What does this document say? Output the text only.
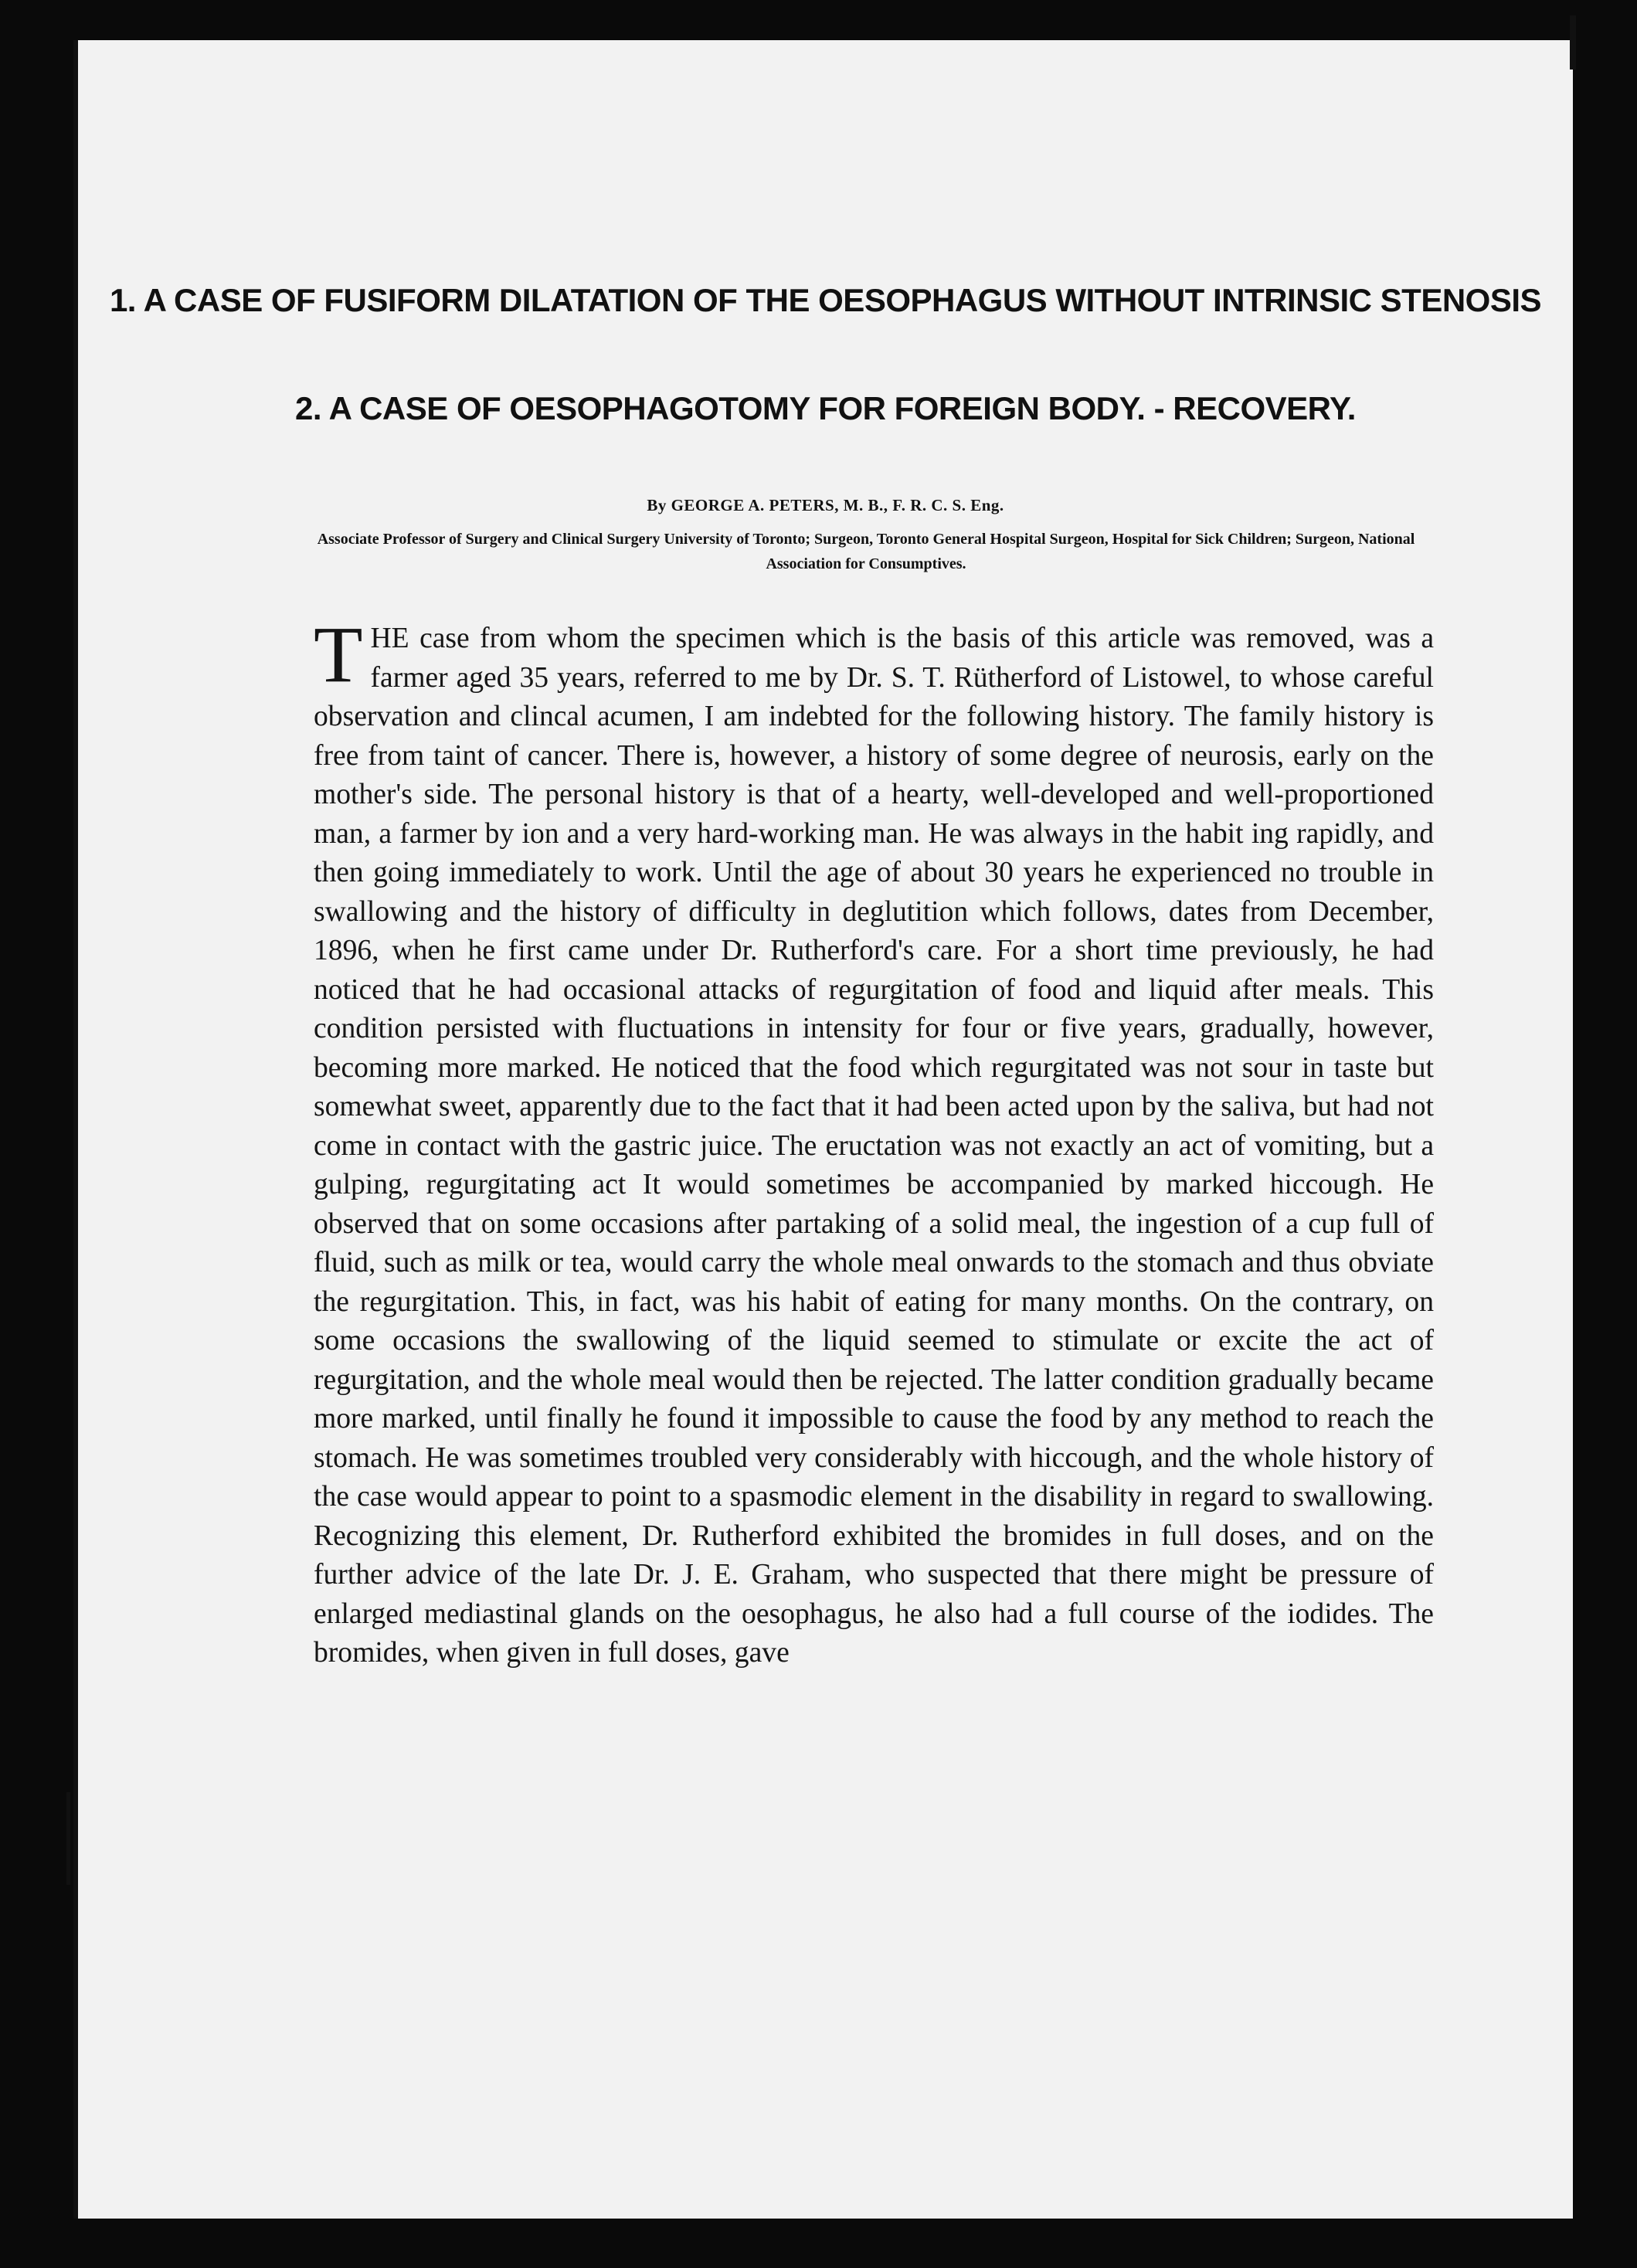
1. A CASE OF FUSIFORM DILATATION OF THE OESOPHAGUS WITHOUT INTRINSIC STENOSIS
2. A CASE OF OESOPHAGOTOMY FOR FOREIGN BODY. - RECOVERY.
By GEORGE A. PETERS, M. B., F. R. C. S. Eng.
Associate Professor of Surgery and Clinical Surgery University of Toronto; Surgeon, Toronto General Hospital Surgeon, Hospital for Sick Children; Surgeon, National Association for Consumptives.

THE case from whom the specimen which is the basis of this article was removed, was a farmer aged 35 years, referred to me by Dr. S. T. Rütherford of Listowel, to whose careful observation and clincal acumen, I am indebted for the following history. The family history is free from taint of cancer. There is, however, a history of some degree of neurosis, early on the mother's side. The personal history is that of a hearty, well-developed and well-proportioned man, a farmer by ion and a very hard-working man. He was always in the habit ing rapidly, and then going immediately to work. Until the age of about 30 years he experienced no trouble in swallowing and the history of difficulty in deglutition which follows, dates from December, 1896, when he first came under Dr. Rutherford's care. For a short time previously, he had noticed that he had occasional attacks of regurgitation of food and liquid after meals. This condition persisted with fluctuations in intensity for four or five years, gradually, however, becoming more marked. He noticed that the food which regurgitated was not sour in taste but somewhat sweet, apparently due to the fact that it had been acted upon by the saliva, but had not come in contact with the gastric juice. The eructation was not exactly an act of vomiting, but a gulping, regurgitating act It would sometimes be accompanied by marked hiccough. He observed that on some occasions after partaking of a solid meal, the ingestion of a cup full of fluid, such as milk or tea, would carry the whole meal onwards to the stomach and thus obviate the regurgitation. This, in fact, was his habit of eating for many months. On the contrary, on some occasions the swallowing of the liquid seemed to stimulate or excite the act of regurgitation, and the whole meal would then be rejected. The latter condition gradually became more marked, until finally he found it impossible to cause the food by any method to reach the stomach. He was sometimes troubled very considerably with hiccough, and the whole history of the case would appear to point to a spasmodic element in the disability in regard to swallowing. Recognizing this element, Dr. Rutherford exhibited the bromides in full doses, and on the further advice of the late Dr. J. E. Graham, who suspected that there might be pressure of enlarged mediastinal glands on the oesophagus, he also had a full course of the iodides. The bromides, when given in full doses, gave
